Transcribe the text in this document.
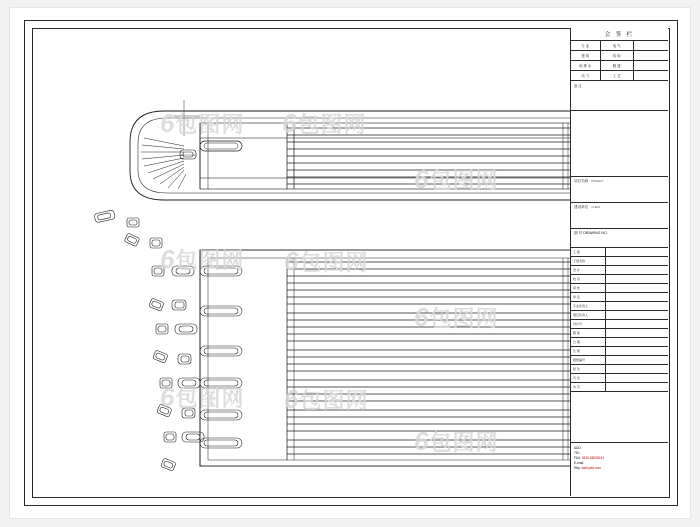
6包图网 6包图网
6包图网
6包图网 6包图网
6包图网
6包图网 6包图网
6包图网
会 签 栏
专 业	电 气
建 筑	结 构
给 排 水	暖 通
动 力	工 艺
备 注
项目名称 PROJECT
建设单位 CLIENT
图 号 DRAWING NO.
工 程
子项名称
设 计
校 对
审 核
审 定
专业负责人
项目负责人
设计号
图 别
日 期
比 例
图纸编号
版 次
页 次
共 页
ADD:
TEL:
FAX: 0519-88228161
E-mail:
Http: www.jxtu.com
